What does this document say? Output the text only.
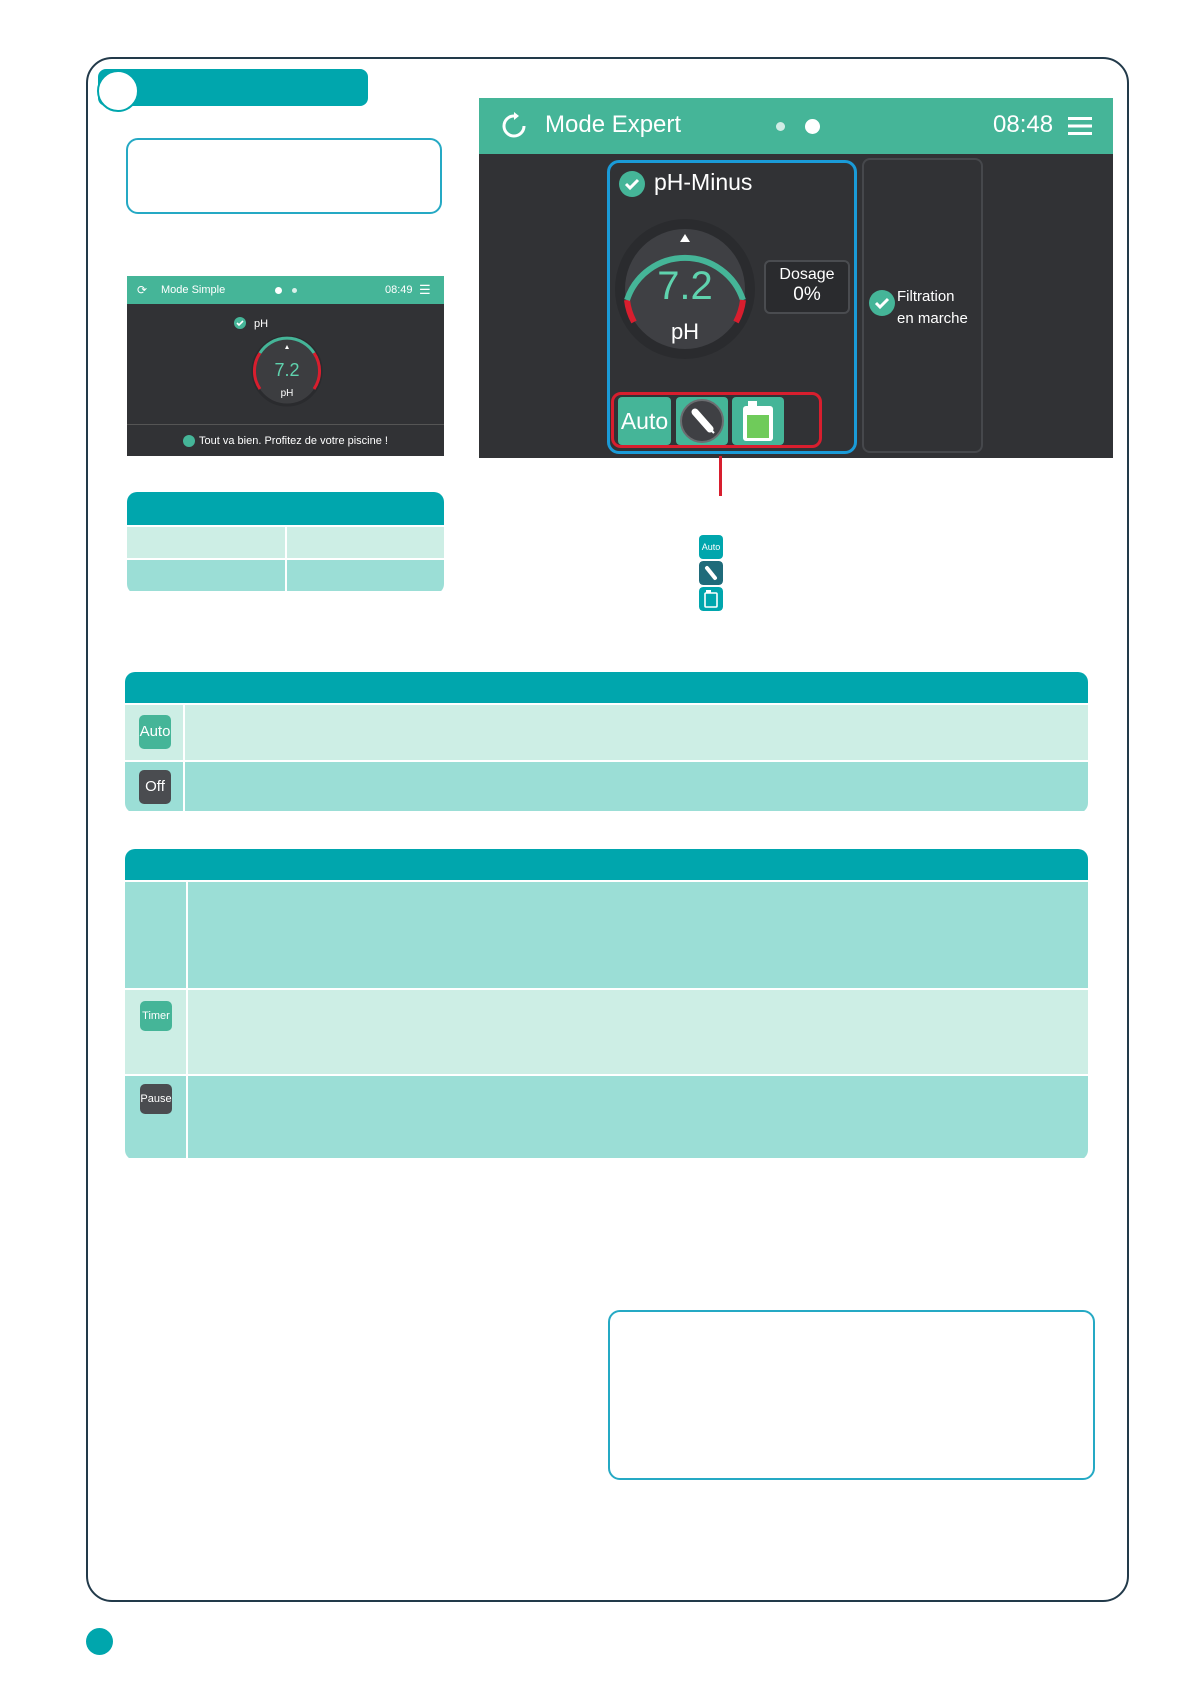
⟳ Mode Simple	08:49 ☰
pH
7.2
pH
Tout va bien. Profitez de votre piscine !
Mode Expert	08:48
pH-Minus
7.2
pH
Dosage
0%	Filtration
en marche
Auto
Auto
Auto
Off
Timer
Pause
